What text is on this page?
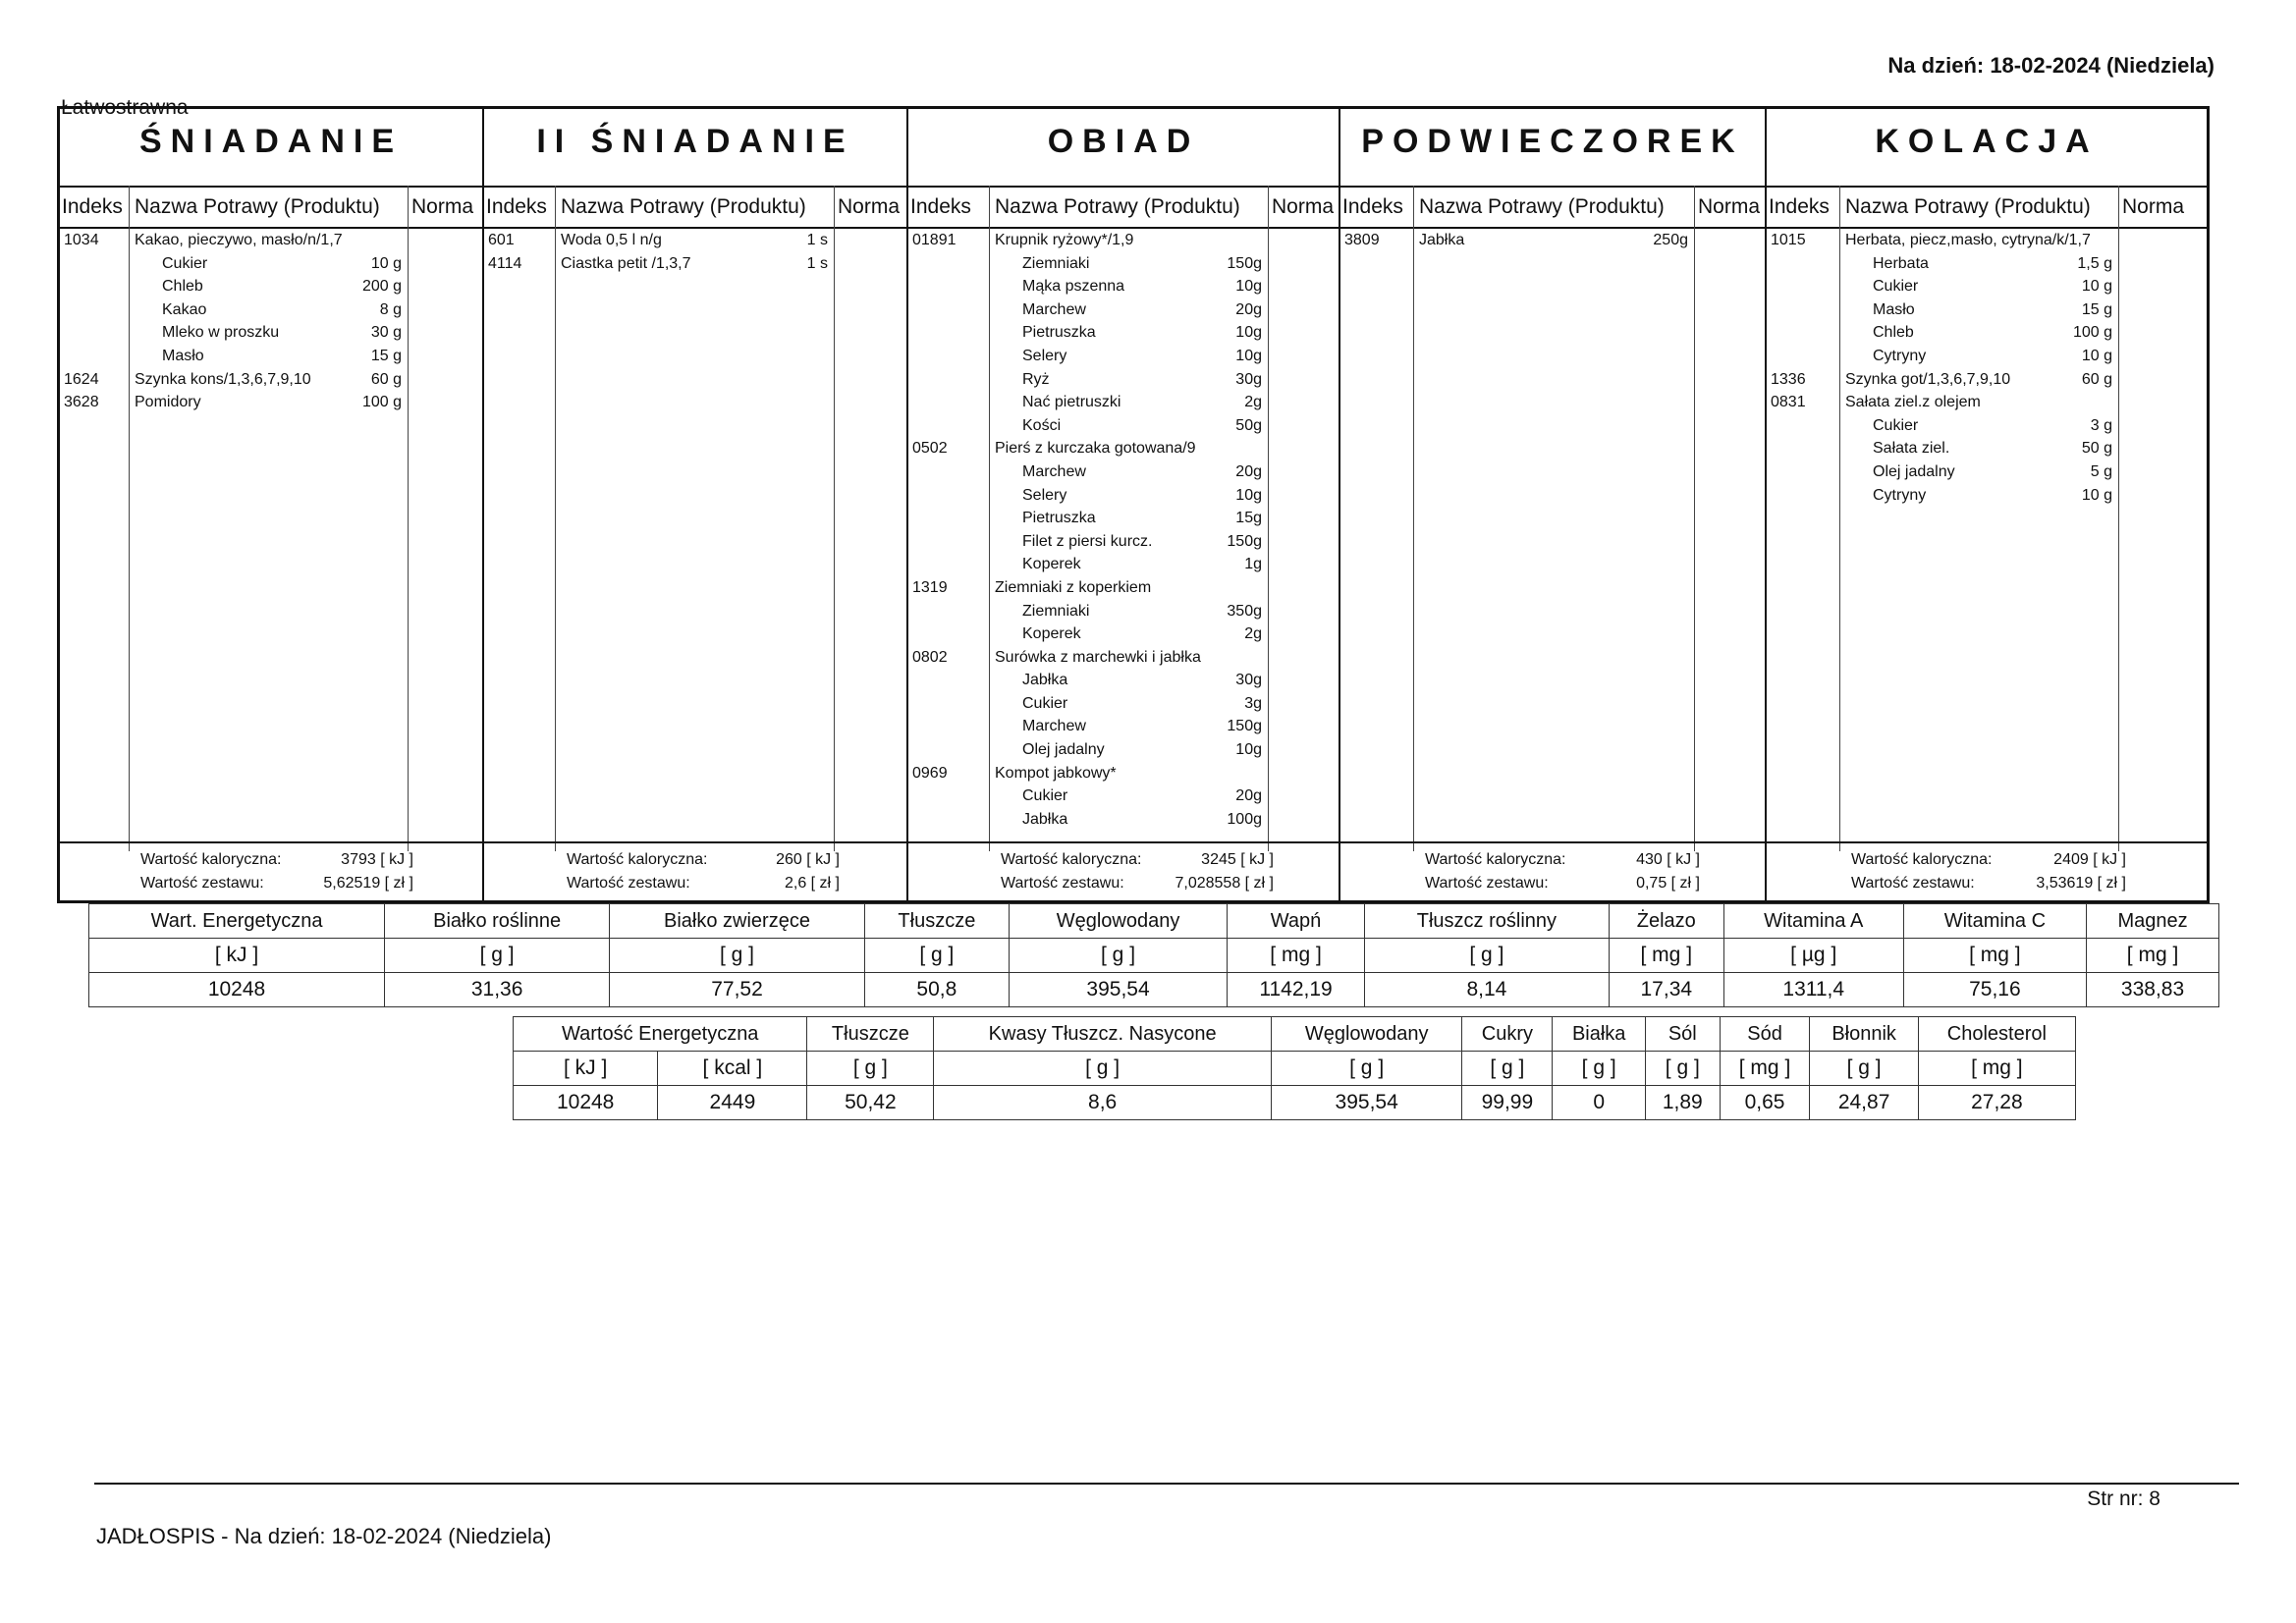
Łatwostrawna
Na dzień: 18-02-2024 (Niedziela)
ŚNIADANIE
Indeks Nazwa Potrawy (Produktu)	Norma
1034 Kakao, pieczywo, masło/n/1,7
Cukier	10 g
Chleb	200 g
Kakao	8 g
Mleko w proszku	30 g
Masło	15 g
1624 Szynka kons/1,3,6,7,9,10	60 g
3628 Pomidory	100 g
Wartość kaloryczna:	3793 [ kJ ]
Wartość zestawu:	5,62519 [ zł ]
II ŚNIADANIE
Indeks Nazwa Potrawy (Produktu)	Norma
601	Woda 0,5 l n/g	1 s
4114 Ciastka petit /1,3,7	1 s
Wartość kaloryczna:	260 [ kJ ]
Wartość zestawu:	2,6 [ zł ]
OBIAD
Indeks	Nazwa Potrawy (Produktu)	Norma
01891 Krupnik ryżowy*/1,9
Ziemniaki	150g
Mąka pszenna	10g
Marchew	20g
Pietruszka	10g
Selery	10g
Ryż	30g
Nać pietruszki	2g
Kości	50g
0502	Pierś z kurczaka gotowana/9
Marchew	20g
Selery	10g
Pietruszka	15g
Filet z piersi kurcz.	150g
Koperek	1g
1319	Ziemniaki z koperkiem
Ziemniaki	350g
Koperek	2g
0802	Surówka z marchewki i jabłka
Jabłka	30g
Cukier	3g
Marchew	150g
Olej jadalny	10g
0969	Kompot jabkowy*
Cukier	20g
Jabłka	100g
Wartość kaloryczna:	3245 [ kJ ]
Wartość zestawu:	7,028558 [ zł ]
PODWIECZOREK
Indeks Nazwa Potrawy (Produktu)	Norma
3809	Jabłka	250g
Wartość kaloryczna:	430 [ kJ ]
Wartość zestawu:	0,75 [ zł ]
KOLACJA
Indeks Nazwa Potrawy (Produktu)	Norma
1015	Herbata, piecz,masło, cytryna/k/1,7
Herbata	1,5 g
Cukier	10 g
Masło	15 g
Chleb	100 g
Cytryny	10 g
1336	Szynka got/1,3,6,7,9,10	60 g
0831	Sałata ziel.z olejem
Cukier	3 g
Sałata ziel.	50 g
Olej jadalny	5 g
Cytryny	10 g
Wartość kaloryczna:	2409 [ kJ ]
Wartość zestawu:	3,53619 [ zł ]
Wart. Energetyczna	Białko roślinne	Białko zwierzęce	Tłuszcze	Węglowodany	Wapń	Tłuszcz roślinny	Żelazo	Witamina A	Witamina C	Magnez
[ kJ ]	[ g ]	[ g ]	[ g ]	[ g ]	[ mg ]	[ g ]	[ mg ]	[ µg ]	[ mg ]	[ mg ]
10248	31,36	77,52	50,8	395,54	1142,19	8,14	17,34	1311,4	75,16	338,83
Wartość Energetyczna		Tłuszcze	Kwasy Tłuszcz. Nasycone	Węglowodany	Cukry	Białka	Sól	Sód	Błonnik	Cholesterol
[ kJ ]	[ kcal ]	[ g ]	[ g ]	[ g ]	[ g ]	[ g ]	[ g ]	[ mg ]	[ g ]	[ mg ]
10248	2449	50,42	8,6	395,54	99,99	0	1,89	0,65	24,87	27,28
JADŁOSPIS - Na dzień: 18-02-2024 (Niedziela)
Str nr: 8
